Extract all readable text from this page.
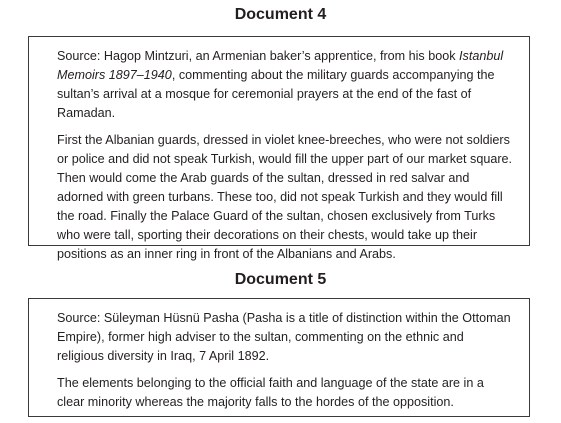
Document 4

Source: Hagop Mintzuri, an Armenian baker’s apprentice, from his book Istanbul Memoirs 1897–1940, commenting about the military guards accompanying the sultan’s arrival at a mosque for ceremonial prayers at the end of the fast of Ramadan.

First the Albanian guards, dressed in violet knee-breeches, who were not soldiers or police and did not speak Turkish, would fill the upper part of our market square. Then would come the Arab guards of the sultan, dressed in red salvar and adorned with green turbans. These too, did not speak Turkish and they would fill the road. Finally the Palace Guard of the sultan, chosen exclusively from Turks who were tall, sporting their decorations on their chests, would take up their positions as an inner ring in front of the Albanians and Arabs.

Document 5

Source: Süleyman Hüsnü Pasha (Pasha is a title of distinction within the Ottoman Empire), former high adviser to the sultan, commenting on the ethnic and religious diversity in Iraq, 7 April 1892.

The elements belonging to the official faith and language of the state are in a clear minority whereas the majority falls to the hordes of the opposition.
